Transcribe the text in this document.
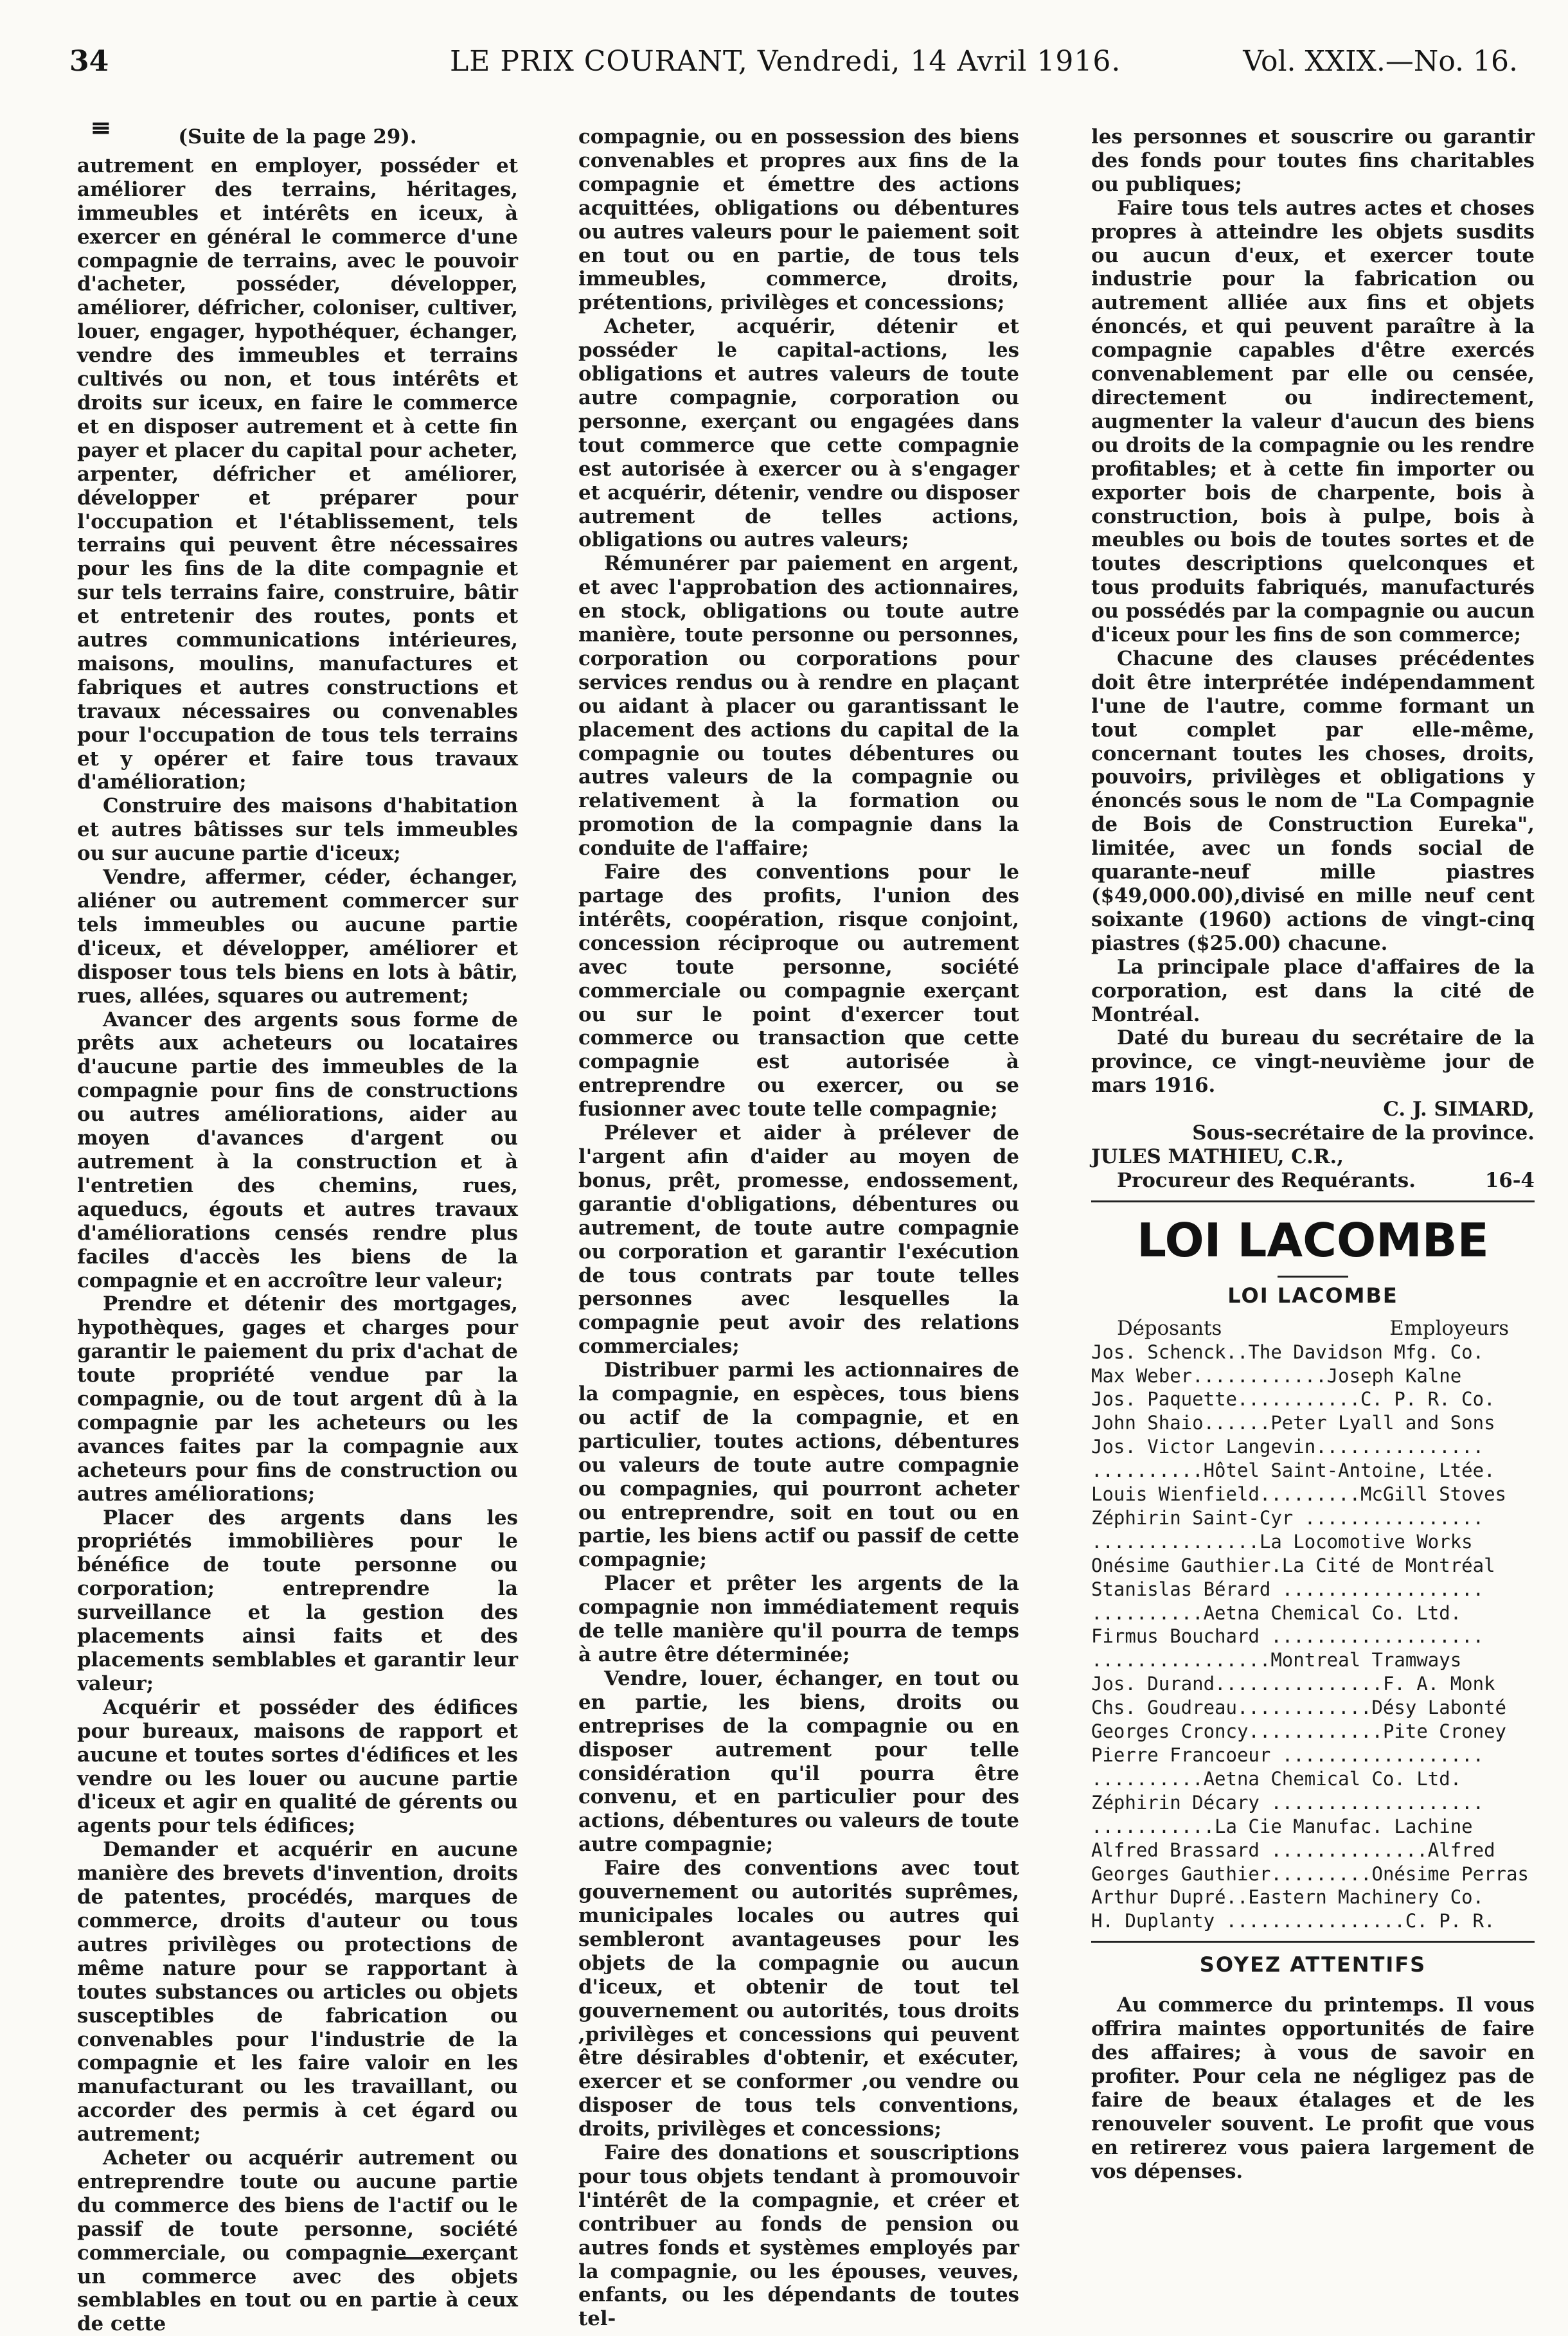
34	LE PRIX COURANT, Vendredi, 14 Avril 1916.	Vol. XXIX.—No. 16.
≡	(Suite de la page 29).

autrement en employer, posséder et améliorer des terrains, héritages, immeubles et intérêts en iceux, à exercer en général le commerce d'une compagnie de terrains, avec le pouvoir d'acheter, posséder, développer, améliorer, défricher, coloniser, cultiver, louer, engager, hypothéquer, échanger, vendre des immeubles et terrains cultivés ou non, et tous intérêts et droits sur iceux, en faire le commerce et en disposer autrement et à cette fin payer et placer du capital pour acheter, arpenter, défricher et améliorer, développer et préparer pour l'occupation et l'établissement, tels terrains qui peuvent être nécessaires pour les fins de la dite compagnie et sur tels terrains faire, construire, bâtir et entretenir des routes, ponts et autres communications intérieures, maisons, moulins, manufactures et fabriques et autres constructions et travaux nécessaires ou convenables pour l'occupation de tous tels terrains et y opérer et faire tous travaux d'amélioration;

Construire des maisons d'habitation et autres bâtisses sur tels immeubles ou sur aucune partie d'iceux;

Vendre, affermer, céder, échanger, aliéner ou autrement commercer sur tels immeubles ou aucune partie d'iceux, et développer, améliorer et disposer tous tels biens en lots à bâtir, rues, allées, squares ou autrement;

Avancer des argents sous forme de prêts aux acheteurs ou locataires d'aucune partie des immeubles de la compagnie pour fins de constructions ou autres améliorations, aider au moyen d'avances d'argent ou autrement à la construction et à l'entretien des chemins, rues, aqueducs, égouts et autres travaux d'améliorations censés rendre plus faciles d'accès les biens de la compagnie et en accroître leur valeur;

Prendre et détenir des mortgages, hypothèques, gages et charges pour garantir le paiement du prix d'achat de toute propriété vendue par la compagnie, ou de tout argent dû à la compagnie par les acheteurs ou les avances faites par la compagnie aux acheteurs pour fins de construction ou autres améliorations;

Placer des argents dans les propriétés immobilières pour le bénéfice de toute personne ou corporation; entreprendre la surveillance et la gestion des placements ainsi faits et des placements semblables et garantir leur valeur;

Acquérir et posséder des édifices pour bureaux, maisons de rapport et aucune et toutes sortes d'édifices et les vendre ou les louer ou aucune partie d'iceux et agir en qualité de gérents ou agents pour tels édifices;

Demander et acquérir en aucune manière des brevets d'invention, droits de patentes, procédés, marques de commerce, droits d'auteur ou tous autres privilèges ou protections de même nature pour se rapportant à toutes substances ou articles ou objets susceptibles de fabrication ou convenables pour l'industrie de la compagnie et les faire valoir en les manufacturant ou les travaillant, ou accorder des permis à cet égard ou autrement;

Acheter ou acquérir autrement ou entreprendre toute ou aucune partie du commerce des biens de l'actif ou le passif de toute personne, société commerciale, ou compagnie exerçant un commerce avec des objets semblables en tout ou en partie à ceux de cette

compagnie, ou en possession des biens convenables et propres aux fins de la compagnie et émettre des actions acquittées, obligations ou débentures ou autres valeurs pour le paiement soit en tout ou en partie, de tous tels immeubles, commerce, droits, prétentions, privilèges et concessions;

Acheter, acquérir, détenir et posséder le capital-actions, les obligations et autres valeurs de toute autre compagnie, corporation ou personne, exerçant ou engagées dans tout commerce que cette compagnie est autorisée à exercer ou à s'engager et acquérir, détenir, vendre ou disposer autrement de telles actions, obligations ou autres valeurs;

Rémunérer par paiement en argent, et avec l'approbation des actionnaires, en stock, obligations ou toute autre manière, toute personne ou personnes, corporation ou corporations pour services rendus ou à rendre en plaçant ou aidant à placer ou garantissant le placement des actions du capital de la compagnie ou toutes débentures ou autres valeurs de la compagnie ou relativement à la formation ou promotion de la compagnie dans la conduite de l'affaire;

Faire des conventions pour le partage des profits, l'union des intérêts, coopération, risque conjoint, concession réciproque ou autrement avec toute personne, société commerciale ou compagnie exerçant ou sur le point d'exercer tout commerce ou transaction que cette compagnie est autorisée à entreprendre ou exercer, ou se fusionner avec toute telle compagnie;

Prélever et aider à prélever de l'argent afin d'aider au moyen de bonus, prêt, promesse, endossement, garantie d'obligations, débentures ou autrement, de toute autre compagnie ou corporation et garantir l'exécution de tous contrats par toute telles personnes avec lesquelles la compagnie peut avoir des relations commerciales;

Distribuer parmi les actionnaires de la compagnie, en espèces, tous biens ou actif de la compagnie, et en particulier, toutes actions, débentures ou valeurs de toute autre compagnie ou compagnies, qui pourront acheter ou entreprendre, soit en tout ou en partie, les biens actif ou passif de cette compagnie;

Placer et prêter les argents de la compagnie non immédiatement requis de telle manière qu'il pourra de temps à autre être déterminée;

Vendre, louer, échanger, en tout ou en partie, les biens, droits ou entreprises de la compagnie ou en disposer autrement pour telle considération qu'il pourra être convenu, et en particulier pour des actions, débentures ou valeurs de toute autre compagnie;

Faire des conventions avec tout gouvernement ou autorités suprêmes, municipales locales ou autres qui sembleront avantageuses pour les objets de la compagnie ou aucun d'iceux, et obtenir de tout tel gouvernement ou autorités, tous droits ,privilèges et concessions qui peuvent être désirables d'obtenir, et exécuter, exercer et se conformer ,ou vendre ou disposer de tous tels conventions, droits, privilèges et concessions;

Faire des donations et souscriptions pour tous objets tendant à promouvoir l'intérêt de la compagnie, et créer et contribuer au fonds de pension ou autres fonds et systèmes employés par la compagnie, ou les épouses, veuves, enfants, ou les dépendants de toutes tel-

les personnes et souscrire ou garantir des fonds pour toutes fins charitables ou publiques;

Faire tous tels autres actes et choses propres à atteindre les objets susdits ou aucun d'eux, et exercer toute industrie pour la fabrication ou autrement alliée aux fins et objets énoncés, et qui peuvent paraître à la compagnie capables d'être exercés convenablement par elle ou censée, directement ou indirectement, augmenter la valeur d'aucun des biens ou droits de la compagnie ou les rendre profitables; et à cette fin importer ou exporter bois de charpente, bois à construction, bois à pulpe, bois à meubles ou bois de toutes sortes et de toutes descriptions quelconques et tous produits fabriqués, manufacturés ou possédés par la compagnie ou aucun d'iceux pour les fins de son commerce;

Chacune des clauses précédentes doit être interprétée indépendamment l'une de l'autre, comme formant un tout complet par elle-même, concernant toutes les choses, droits, pouvoirs, privilèges et obligations y énoncés sous le nom de "La Compagnie de Bois de Construction Eureka", limitée, avec un fonds social de quarante-neuf mille piastres ($49,000.00),divisé en mille neuf cent soixante (1960) actions de vingt-cinq piastres ($25.00) chacune.

La principale place d'affaires de la corporation, est dans la cité de Montréal.

Daté du bureau du secrétaire de la province, ce vingt-neuvième jour de mars 1916.

C. J. SIMARD,

Sous-secrétaire de la province.

JULES MATHIEU, C.R.,

Procureur des Requérants.	16-4

LOI LACOMBE
LOI LACOMBE
Déposants	Employeurs
Jos. Schenck..The Davidson Mfg. Co.
Max Weber............Joseph Kalne
Jos. Paquette...........C. P. R. Co.
John Shaio......Peter Lyall and Sons
Jos. Victor Langevin...............
..........Hôtel Saint-Antoine, Ltée.
Louis Wienfield.........McGill Stoves
Zéphirin Saint-Cyr ................
...............La Locomotive Works
Onésime Gauthier.La Cité de Montréal
Stanislas Bérard ..................
..........Aetna Chemical Co. Ltd.
Firmus Bouchard ...................
................Montreal Tramways
Jos. Durand...............F. A. Monk
Chs. Goudreau............Désy Labonté
Georges Croncy............Pite Croney
Pierre Francoeur ..................
..........Aetna Chemical Co. Ltd.
Zéphirin Décary ...................
...........La Cie Manufac. Lachine
Alfred Brassard ..............Alfred
Georges Gauthier.........Onésime Perras
Arthur Dupré..Eastern Machinery Co.
H. Duplanty ................C. P. R.
SOYEZ ATTENTIFS

Au commerce du printemps. Il vous offrira maintes opportunités de faire des affaires; à vous de savoir en profiter. Pour cela ne négligez pas de faire de beaux étalages et de les renouveler souvent. Le profit que vous en retirerez vous paiera largement de vos dépenses.
